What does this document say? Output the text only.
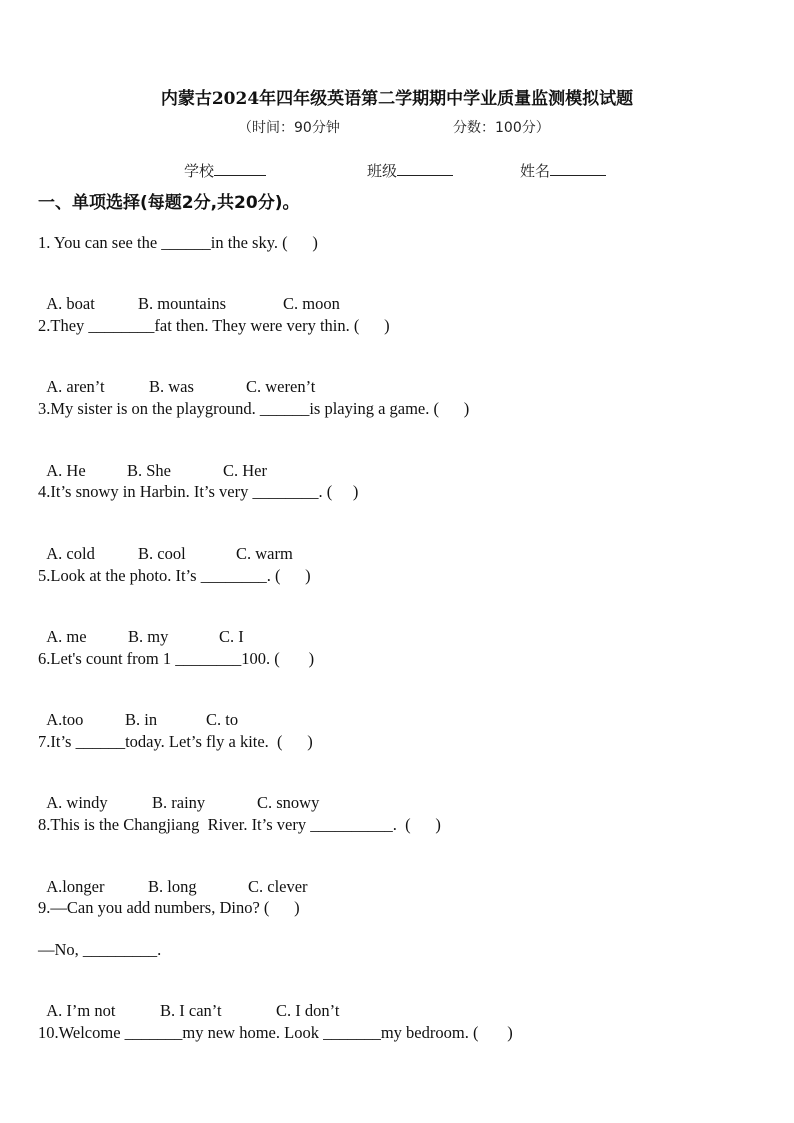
内蒙古2024年四年级英语第二学期期中学业质量监测模拟试题
（时间：90分钟	分数：100分）
学校	班级	姓名
一、单项选择(每题2分,共20分)。
1. You can see the ______in the sky. (      )

A. boat	B. mountains	C. moon

2.They ________fat then. They were very thin. (      )

A. aren’t	B. was	C. weren’t

3.My sister is on the playground. ______is playing a game. (      )

A. He	B. She	C. Her

4.It’s snowy in Harbin. It’s very ________. (     )

A. cold	B. cool	C. warm

5.Look at the photo. It’s ________. (      )

A. me	B. my	C. I

6.Let's count from 1 ________100. (       )

A.too	B. in	C. to

7.It’s ______today. Let’s fly a kite.  (      )

A. windy	B. rainy	C. snowy

8.This is the Changjiang  River. It’s very __________.  (      )

A.longer	B. long	C. clever

9.—Can you add numbers, Dino? (      )
—No, _________.

A. I’m not	B. I can’t	C. I don’t

10.Welcome _______my new home. Look _______my bedroom. (       )
